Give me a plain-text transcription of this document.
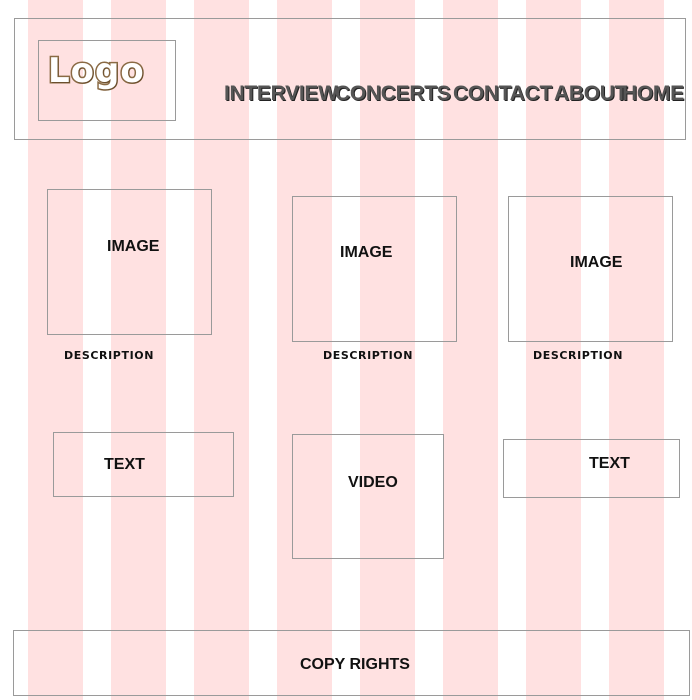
Logo
INTERVIEW
CONCERTS CONTACT ABOUT
HOME
IMAGE
DESCRIPTION
IMAGE
DESCRIPTION
IMAGE
DESCRIPTION
TEXT
VIDEO
TEXT
COPY RIGHTS
